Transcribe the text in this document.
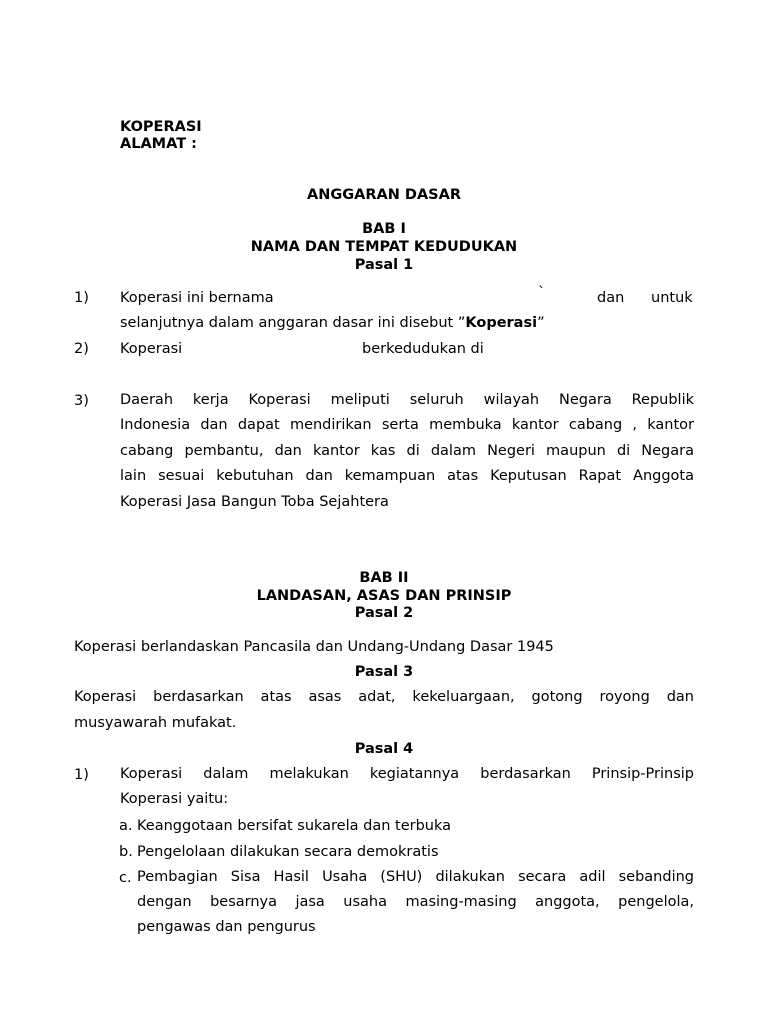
KOPERASI
ALAMAT :
ANGGARAN DASAR
BAB I
NAMA DAN TEMPAT KEDUDUKAN
Pasal 1
1) Koperasi ini bernama	`	dan untuk
selanjutnya dalam anggaran dasar ini disebut ”Koperasi”
2) Koperasi	berkedudukan di
3) Daerah kerja Koperasi meliputi seluruh wilayah Negara Republik
Indonesia dan dapat mendirikan serta membuka kantor cabang , kantor
cabang pembantu, dan kantor kas di dalam Negeri maupun di Negara
lain sesuai kebutuhan dan kemampuan atas Keputusan Rapat Anggota
Koperasi Jasa Bangun Toba Sejahtera
BAB II
LANDASAN, ASAS DAN PRINSIP
Pasal 2
Koperasi berlandaskan Pancasila dan Undang-Undang Dasar 1945
Pasal 3
Koperasi berdasarkan atas asas adat, kekeluargaan, gotong royong dan
musyawarah mufakat.
Pasal 4
1) Koperasi dalam melakukan kegiatannya berdasarkan Prinsip-Prinsip
Koperasi yaitu:
a. Keanggotaan bersifat sukarela dan terbuka
b. Pengelolaan dilakukan secara demokratis
c. Pembagian Sisa Hasil Usaha (SHU) dilakukan secara adil sebanding
dengan besarnya jasa usaha masing-masing anggota, pengelola,
pengawas dan pengurus
